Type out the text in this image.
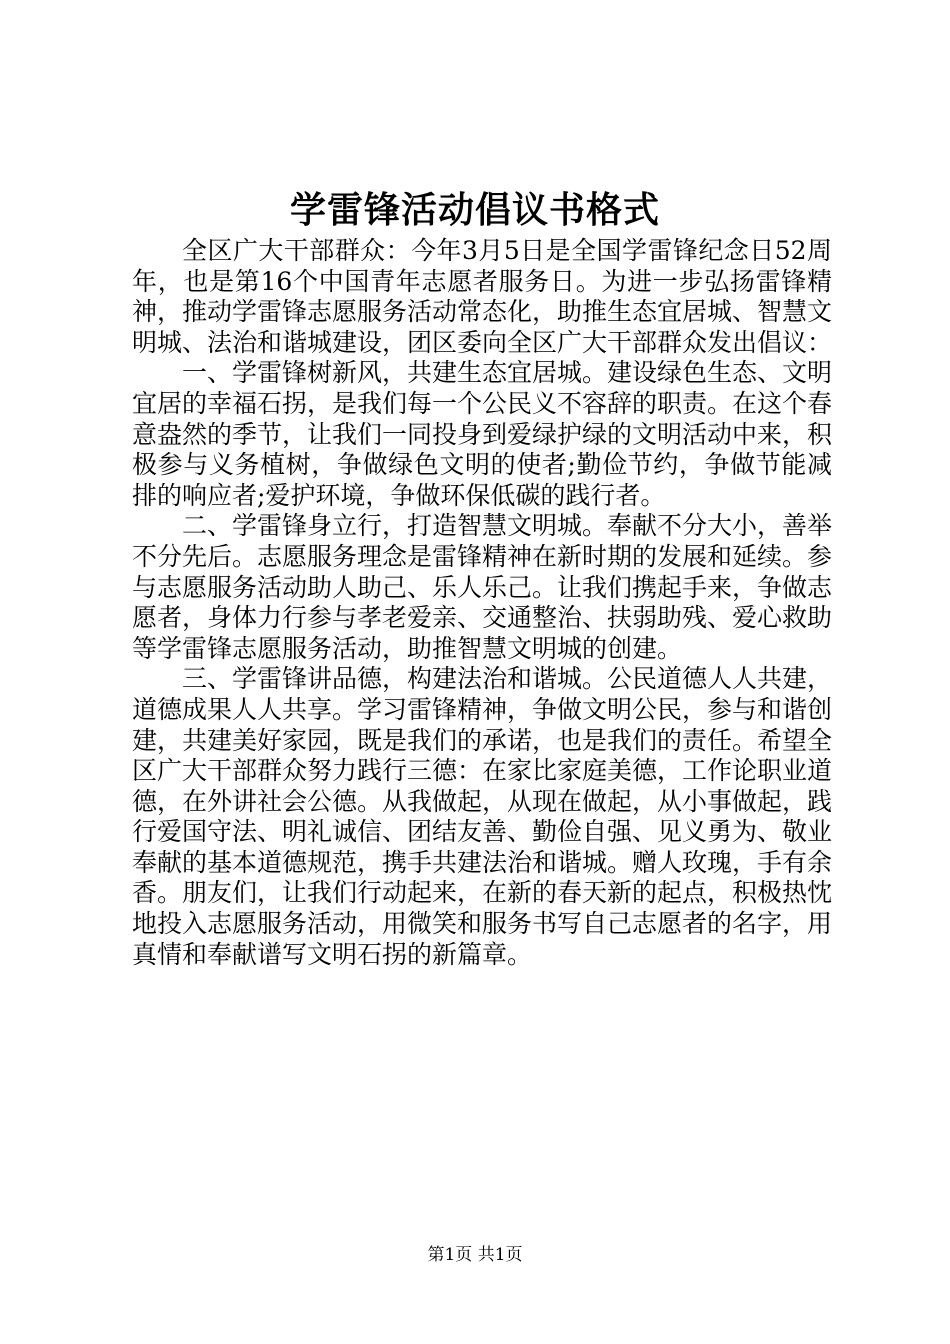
学雷锋活动倡议书格式

全区广大干部群众：今年3月5日是全国学雷锋纪念日52周年，也是第16个中国青年志愿者服务日。为进一步弘扬雷锋精神，推动学雷锋志愿服务活动常态化，助推生态宜居城、智慧文明城、法治和谐城建设，团区委向全区广大干部群众发出倡议：

一、学雷锋树新风，共建生态宜居城。建设绿色生态、文明宜居的幸福石拐，是我们每一个公民义不容辞的职责。在这个春意盎然的季节，让我们一同投身到爱绿护绿的文明活动中来，积极参与义务植树，争做绿色文明的使者;勤俭节约，争做节能减排的响应者;爱护环境，争做环保低碳的践行者。

二、学雷锋身立行，打造智慧文明城。奉献不分大小，善举不分先后。志愿服务理念是雷锋精神在新时期的发展和延续。参与志愿服务活动助人助己、乐人乐己。让我们携起手来，争做志愿者，身体力行参与孝老爱亲、交通整治、扶弱助残、爱心救助等学雷锋志愿服务活动，助推智慧文明城的创建。

三、学雷锋讲品德，构建法治和谐城。公民道德人人共建，道德成果人人共享。学习雷锋精神，争做文明公民，参与和谐创建，共建美好家园，既是我们的承诺，也是我们的责任。希望全区广大干部群众努力践行三德：在家比家庭美德，工作论职业道德，在外讲社会公德。从我做起，从现在做起，从小事做起，践行爱国守法、明礼诚信、团结友善、勤俭自强、见义勇为、敬业奉献的基本道德规范，携手共建法治和谐城。赠人玫瑰，手有余香。朋友们，让我们行动起来，在新的春天新的起点，积极热忱地投入志愿服务活动，用微笑和服务书写自己志愿者的名字，用真情和奉献谱写文明石拐的新篇章。

第1页 共1页
